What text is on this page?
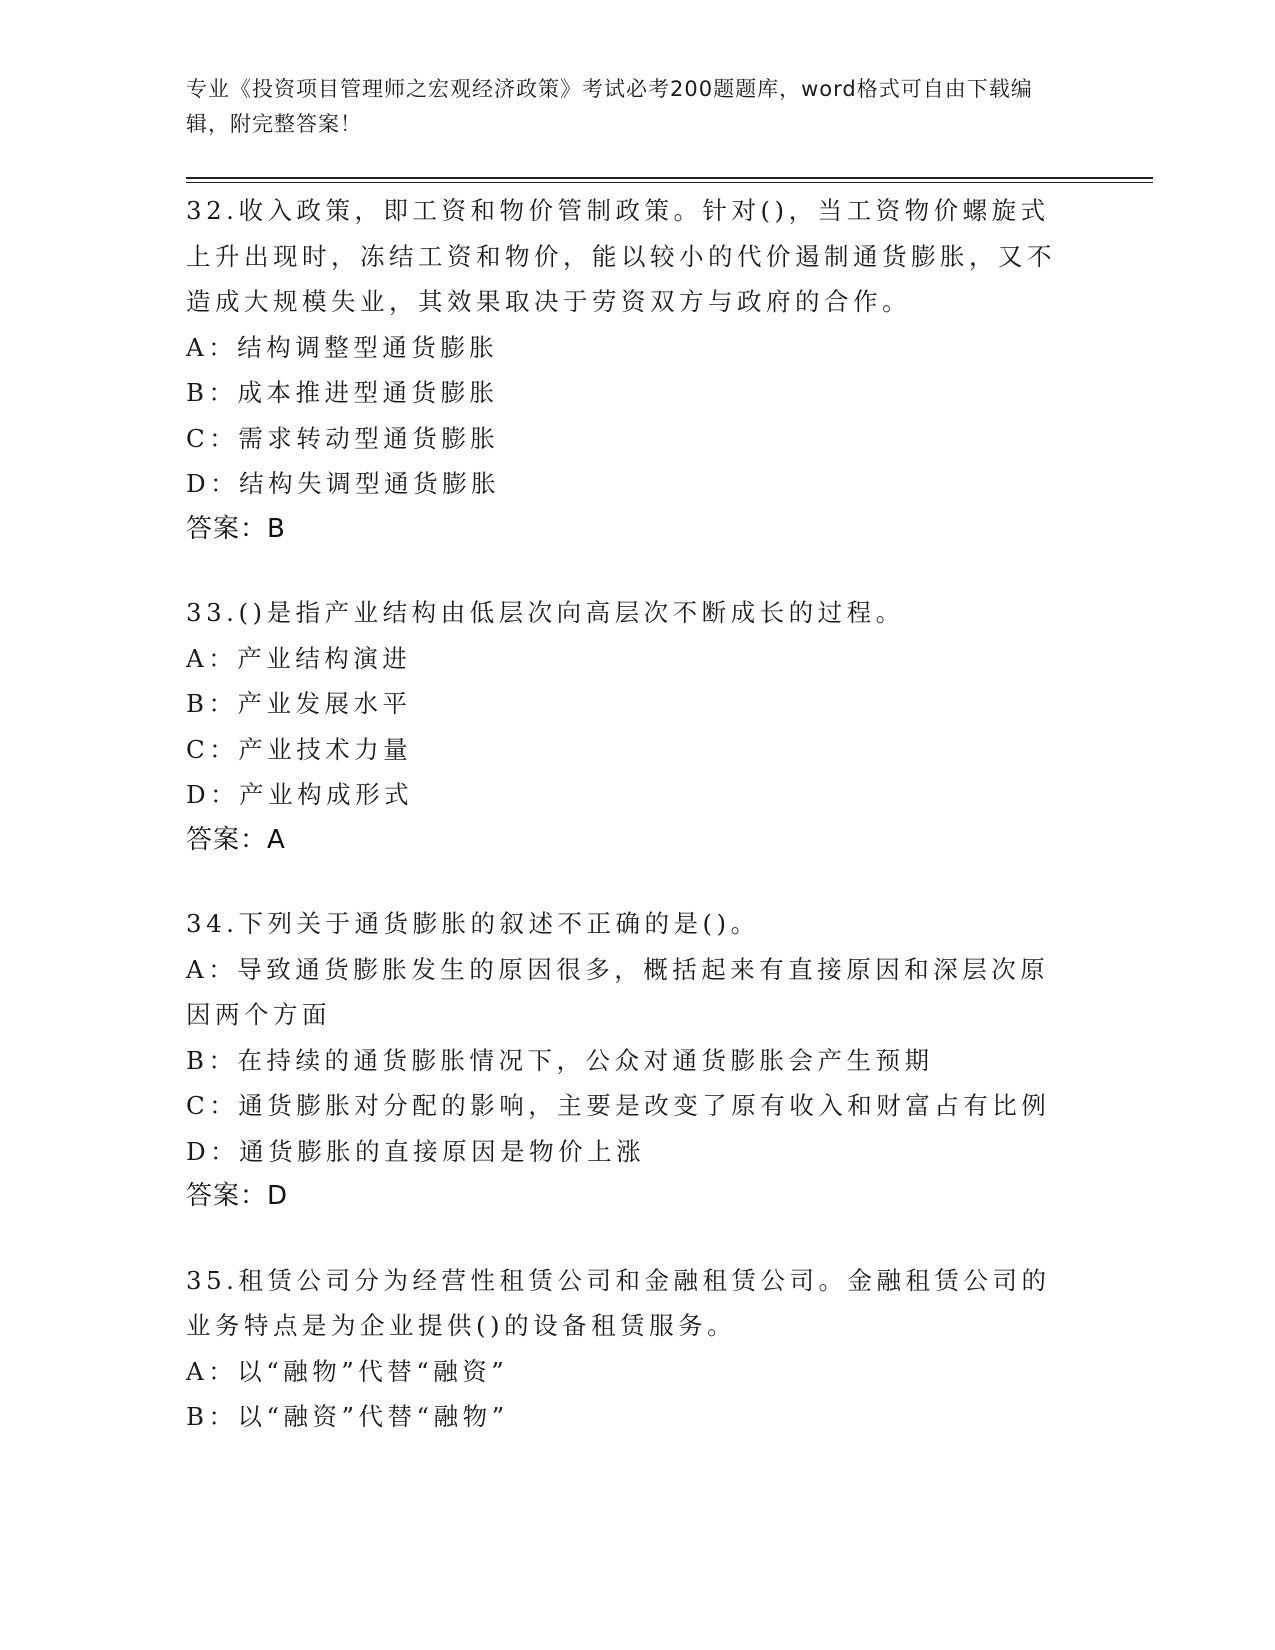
专业《投资项目管理师之宏观经济政策》考试必考200题题库，word格式可自由下载编辑，附完整答案！

32.收入政策，即工资和物价管制政策。针对()，当工资物价螺旋式上升出现时，冻结工资和物价，能以较小的代价遏制通货膨胀，又不造成大规模失业，其效果取决于劳资双方与政府的合作。

A：结构调整型通货膨胀

B：成本推进型通货膨胀

C：需求转动型通货膨胀

D：结构失调型通货膨胀

答案：B

33.()是指产业结构由低层次向高层次不断成长的过程。

A：产业结构演进

B：产业发展水平

C：产业技术力量

D：产业构成形式

答案：A

34.下列关于通货膨胀的叙述不正确的是()。

A：导致通货膨胀发生的原因很多，概括起来有直接原因和深层次原因两个方面

B：在持续的通货膨胀情况下，公众对通货膨胀会产生预期

C：通货膨胀对分配的影响，主要是改变了原有收入和财富占有比例

D：通货膨胀的直接原因是物价上涨

答案：D

35.租赁公司分为经营性租赁公司和金融租赁公司。金融租赁公司的业务特点是为企业提供()的设备租赁服务。

A：以“融物”代替“融资”

B：以“融资”代替“融物”
